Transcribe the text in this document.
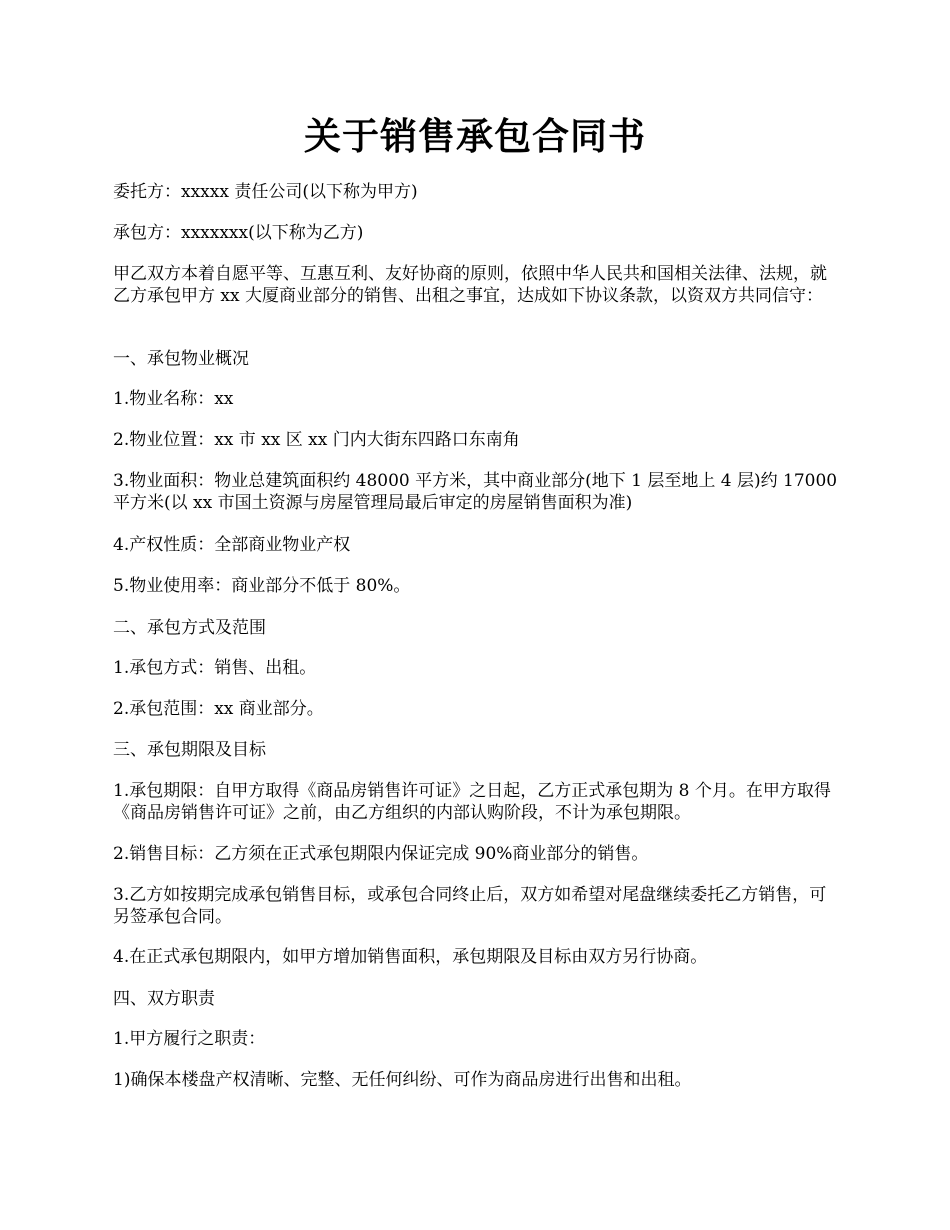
关于销售承包合同书

委托方：xxxxx 责任公司(以下称为甲方)

承包方：xxxxxxx(以下称为乙方)

甲乙双方本着自愿平等、互惠互利、友好协商的原则，依照中华人民共和国相关法律、法规，就乙方承包甲方 xx 大厦商业部分的销售、出租之事宜，达成如下协议条款，以资双方共同信守：

一、承包物业概况

1.物业名称：xx

2.物业位置：xx 市 xx 区 xx 门内大街东四路口东南角

3.物业面积：物业总建筑面积约 48000 平方米，其中商业部分(地下 1 层至地上 4 层)约 17000 平方米(以 xx 市国土资源与房屋管理局最后审定的房屋销售面积为准)

4.产权性质：全部商业物业产权

5.物业使用率：商业部分不低于 80%。

二、承包方式及范围

1.承包方式：销售、出租。

2.承包范围：xx 商业部分。

三、承包期限及目标

1.承包期限：自甲方取得《商品房销售许可证》之日起，乙方正式承包期为 8 个月。在甲方取得《商品房销售许可证》之前，由乙方组织的内部认购阶段，不计为承包期限。

2.销售目标：乙方须在正式承包期限内保证完成 90%商业部分的销售。

3.乙方如按期完成承包销售目标，或承包合同终止后，双方如希望对尾盘继续委托乙方销售，可另签承包合同。

4.在正式承包期限内，如甲方增加销售面积，承包期限及目标由双方另行协商。

四、双方职责

1.甲方履行之职责：

1)确保本楼盘产权清晰、完整、无任何纠纷、可作为商品房进行出售和出租。
